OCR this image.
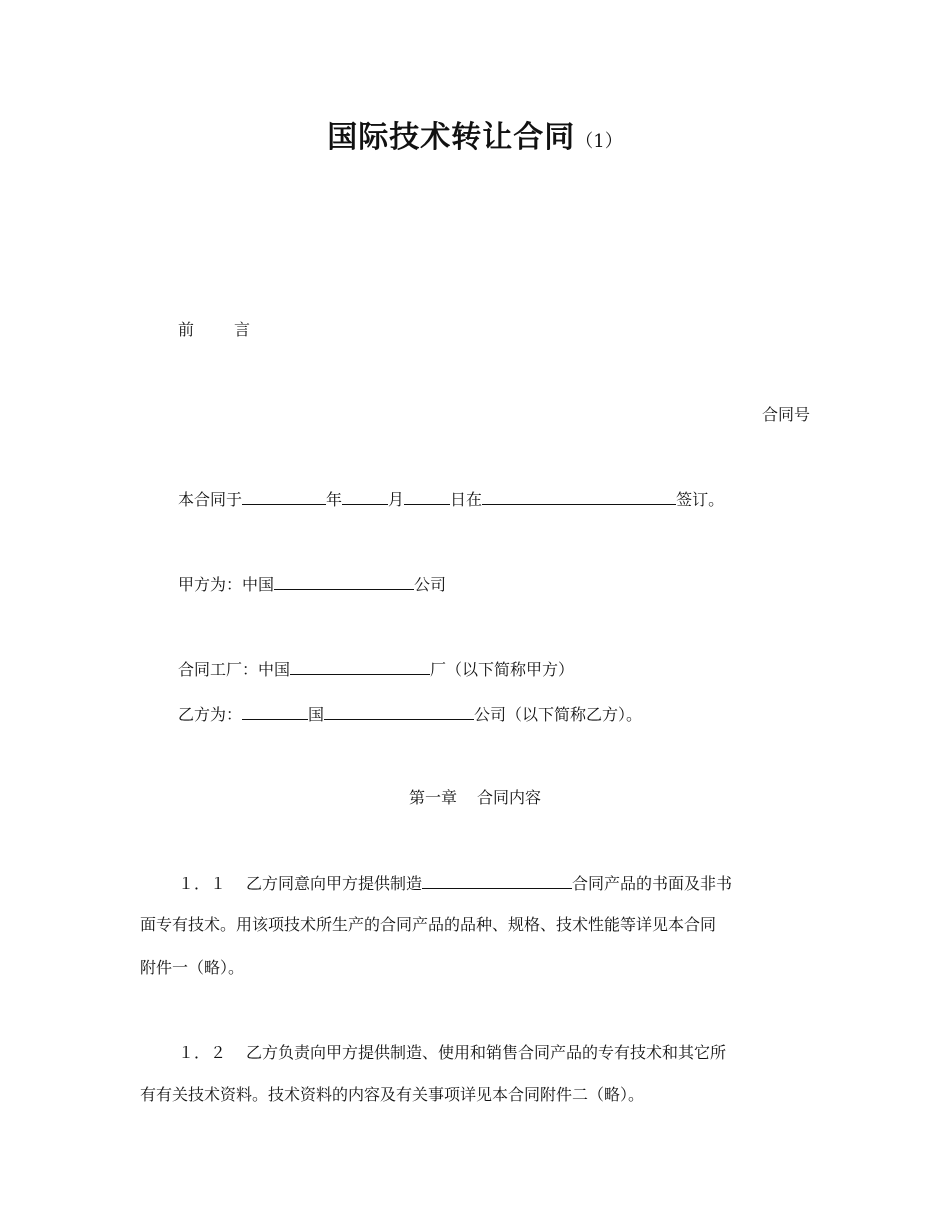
国际技术转让合同（1）
前	言
合同号
本合同于	年	月	日在	签订。
甲方为：中国	公司
合同工厂：中国	厂（以下简称甲方）
乙方为：	国	公司（以下简称乙方）。
第一章 合同内容
１．１ 乙方同意向甲方提供制造	合同产品的书面及非书
面专有技术。用该项技术所生产的合同产品的品种、规格、技术性能等详见本合同
附件一（略）。
１．２ 乙方负责向甲方提供制造、使用和销售合同产品的专有技术和其它所
有有关技术资料。技术资料的内容及有关事项详见本合同附件二（略）。
